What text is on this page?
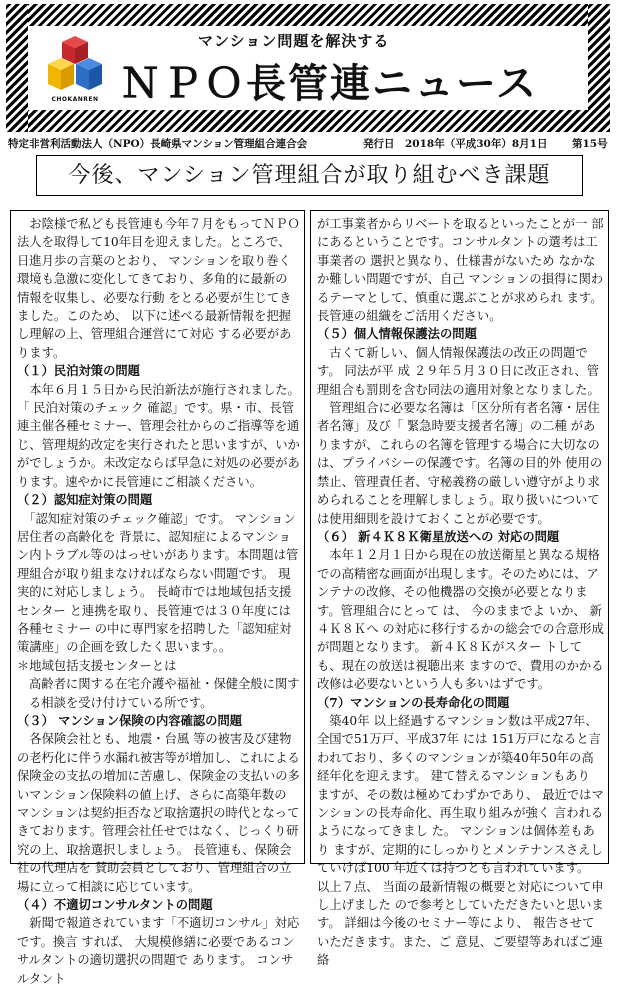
CHOKANREN
マンション問題を解決する
ＮＰＯ長管連ニュース
特定非営利活動法人（NPO）長崎県マンション管理組合連合会	発行日　2018年（平成30年）8月1日 第15号
今後、マンション管理組合が取り組むべき課題

　お陰様で私ども長管連も今年７月をもってＮＰＯ法人を取得して10年目を迎えました。ところで、日進月歩の言葉のとおり、 マンションを取り巻く環境も急激に変化してきており、多角的に最新の 情報を収集し、必要な行動 をとる必要が生じてきました。このため、 以下に述べる最新情報を把握 し理解の上、管理組合運営にて対応 する必要があります。

（１）民泊対策の問題

　本年６月１５日から民泊新法が施行されました。「 民泊対策のチェック 確認」です。県・市、長管連主催各種セミナー、管理会社からのご指導等を通じ、管理規約改定を実行されたと思いますが、いかがでしょうか。未改定ならば早急に対処の必要があります。速やかに長管連にご相談ください。

（２）認知症対策の問題

　「認知症対策のチェック確認」です。 マンション居住者の高齢化を 背景に、認知症によるマンション内トラブル等のはっせいがあります。本問題は管理組合が取り組まなければならない問題です。 現実的に対応しましょう。 長崎市では地域包括支援センター と連携を取り、長管連では３０年度には各種セミナー の中に専門家を招聘した「認知症対策講座」の企画を致したく思います。。

＊地域包括支援センターとは

高齢者に関する在宅介護や福祉・保健全般に関する相談を受け付けている所です。

（３） マンション保険の内容確認の問題

　各保険会社とも、地震・台風 等の被害及び建物の老朽化に伴う水漏れ被害等が増加し、これによる保険金の支払の増加に苦慮し、保険金の支払いの多いマンション保険料の値上げ、さらに高築年数の マンションは契約拒否など取捨選択の時代となってきております。管理会社任せではなく、じっくり研究の上、取捨選択しましょう。 長管連も、保険会社の代理店を 賛助会員としており、管理組合の立場に立って相談に応じています。

（４）不適切コンサルタントの問題

　新聞で報道されています「不適切コンサル」対応です。換言 すれば、 大規模修繕に必要であるコンサルタントの適切選択の問題で あります。 コンサルタント

が工事業者からリベートを取るといったことが一 部にあるということです。コンサルタントの選考は工事業者の 選択と異なり、仕様書がないため なかなか難しい問題ですが、自己 マンションの損得に関わるテーマとして、慎重に選ぶことが求められ ます。 長管連の組織をご活用ください。

（５）個人情報保護法の問題

　古くて新しい、個人情報保護法の改正の問題です。 同法が平 成 ２９年５月３０日に改正され、管理組合も罰則を含む同法の適用対象となりました。

　管理組合に必要な名簿は「区分所有者名簿・居住者名簿」及び「 緊急時要支援者名簿」の二種 がありますが、これらの名簿を管理する場合に大切なのは、プライバシーの保護です。名簿の目的外 使用の禁止、管理責任者、守秘義務の厳しい遵守がより求められることを理解しましょう。取り扱いについては使用細則を設けておくことが必要です。

（６） 新４Ｋ８Ｋ衛星放送への 対応の問題

　本年１２月１日から現在の放送衛星と異なる規格での高精密な画面が出現します。そのためには、アンテナの改修、その他機器の交換が必要となります。管理組合にとって は、 今のままでよ いか、 新４Ｋ８Ｋへ の対応に移行するかの総会での合意形成が問題となります。 新４Ｋ８Ｋがスター トしても、現在の放送は視聴出来 ますので、費用のかかる改修は必要ないという人も多いはずです。

（7）マンションの長寿命化の問題

　築40年 以上経過するマンション数は平成27年、全国で51万戸、平成37年 には 151万戸になると言われており、多くのマンションが築40年50年の高経年化を迎えます。 建て替えるマンションもあり ますが、その数は極めてわずかであり、 最近ではマンションの長寿命化、再生取り組みが強く 言われるようになってきまし た。 マンションは個体差もあり ますが、定期的にしっかりとメンテナンスさえしていけば100 年近くは持つとも言われています。

以上７点、 当面の最新情報の概要と対応について申し上げました ので参考としていただきたいと思います。 詳細は今後のセミナー等により、 報告させていただきます。また、ご 意見、ご要望等あればご連絡
